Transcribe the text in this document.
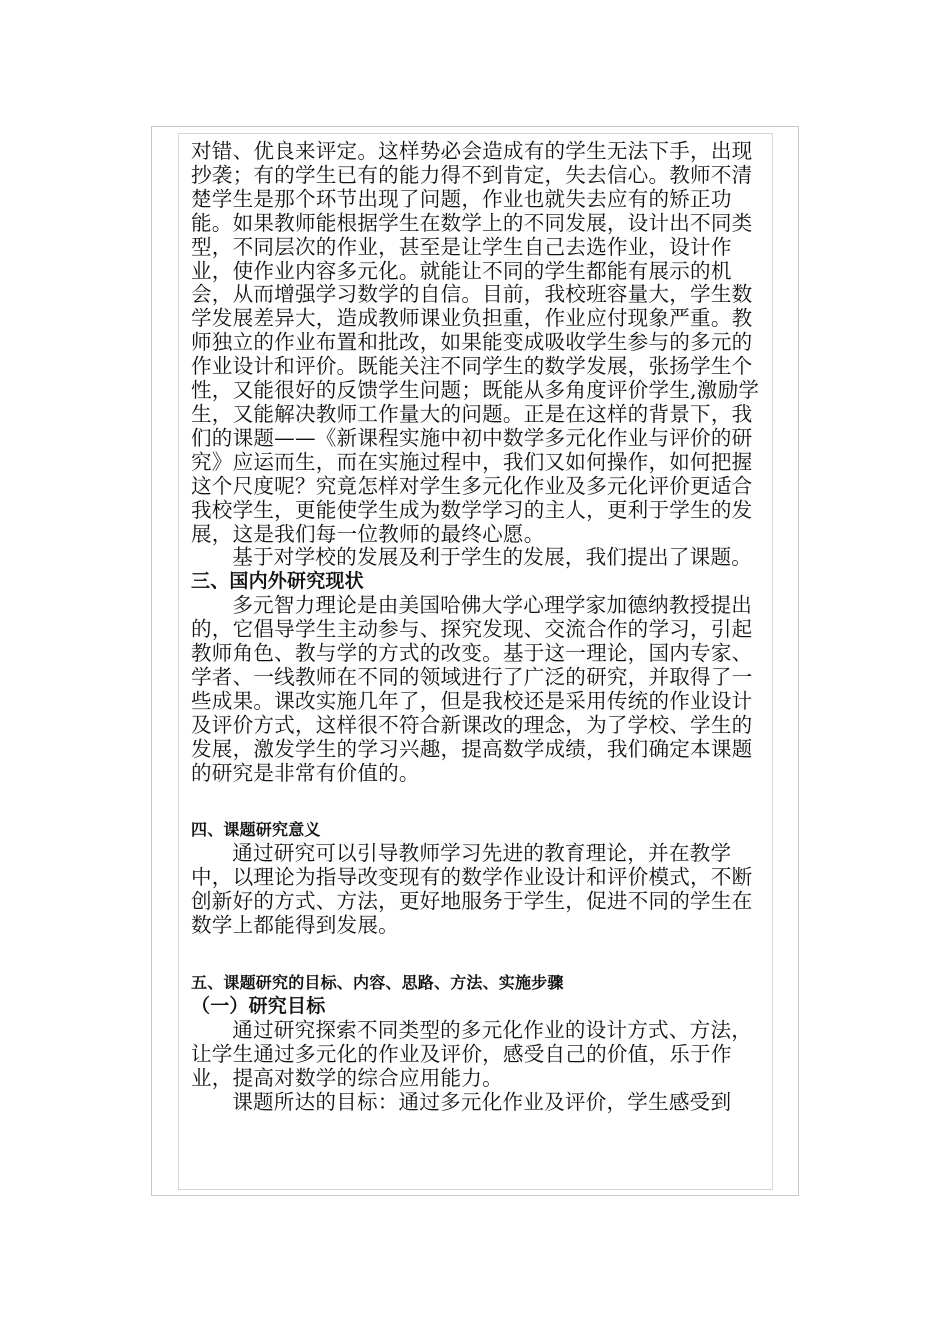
对错、优良来评定。这样势必会造成有的学生无法下手，出现抄袭；有的学生已有的能力得不到肯定，失去信心。教师不清楚学生是那个环节出现了问题，作业也就失去应有的矫正功能。如果教师能根据学生在数学上的不同发展，设计出不同类型，不同层次的作业，甚至是让学生自己去选作业，设计作业，使作业内容多元化。就能让不同的学生都能有展示的机会，从而增强学习数学的自信。目前，我校班容量大，学生数学发展差异大，造成教师课业负担重，作业应付现象严重。教师独立的作业布置和批改，如果能变成吸收学生参与的多元的作业设计和评价。既能关注不同学生的数学发展，张扬学生个性，又能很好的反馈学生问题；既能从多角度评价学生,激励学生，又能解决教师工作量大的问题。正是在这样的背景下，我们的课题——《新课程实施中初中数学多元化作业与评价的研究》应运而生，而在实施过程中，我们又如何操作，如何把握这个尺度呢？究竟怎样对学生多元化作业及多元化评价更适合我校学生，更能使学生成为数学学习的主人，更利于学生的发展，这是我们每一位教师的最终心愿。

基于对学校的发展及利于学生的发展，我们提出了课题。

三、国内外研究现状

多元智力理论是由美国哈佛大学心理学家加德纳教授提出的，它倡导学生主动参与、探究发现、交流合作的学习，引起教师角色、教与学的方式的改变。基于这一理论，国内专家、学者、一线教师在不同的领域进行了广泛的研究，并取得了一些成果。课改实施几年了，但是我校还是采用传统的作业设计及评价方式，这样很不符合新课改的理念，为了学校、学生的发展，激发学生的学习兴趣，提高数学成绩，我们确定本课题的研究是非常有价值的。

四、课题研究意义

通过研究可以引导教师学习先进的教育理论，并在教学中，以理论为指导改变现有的数学作业设计和评价模式，不断创新好的方式、方法，更好地服务于学生，促进不同的学生在数学上都能得到发展。

五、课题研究的目标、内容、思路、方法、实施步骤

（一）研究目标

通过研究探索不同类型的多元化作业的设计方式、方法，让学生通过多元化的作业及评价，感受自己的价值，乐于作业，提高对数学的综合应用能力。

课题所达的目标：通过多元化作业及评价，学生感受到
